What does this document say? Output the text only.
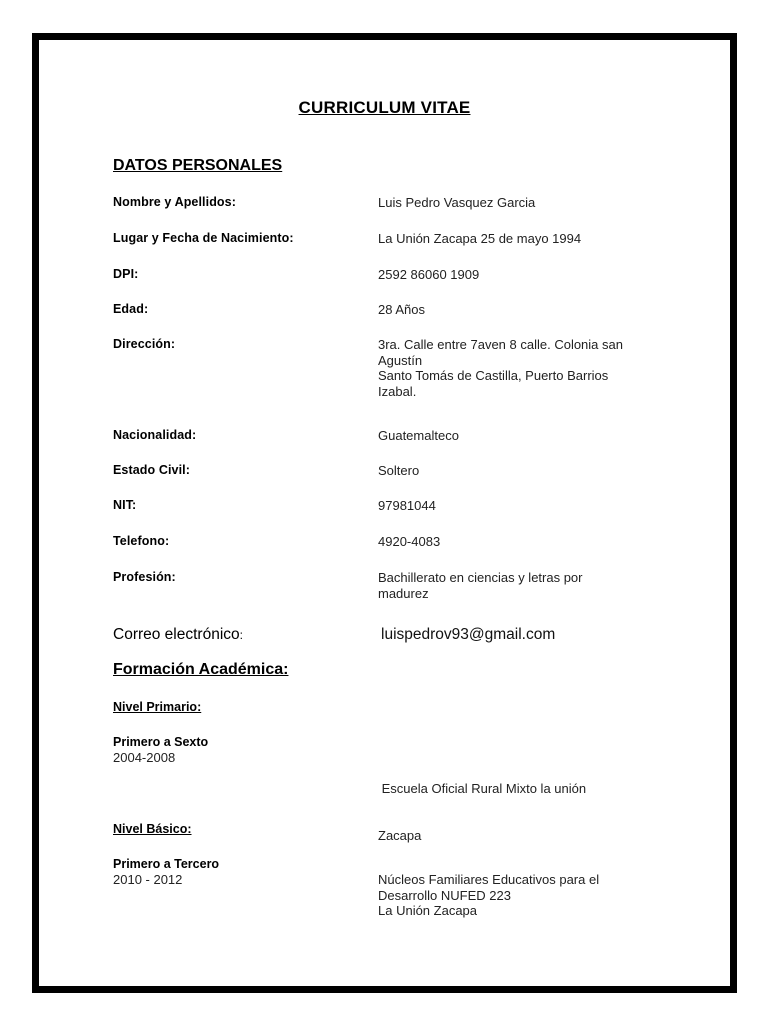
CURRICULUM VITAE
DATOS PERSONALES
Nombre y Apellidos:	Luis Pedro Vasquez Garcia
Lugar y Fecha de Nacimiento:	La Unión Zacapa 25 de mayo 1994
DPI:	2592 86060 1909
Edad:	28 Años
Dirección:	3ra. Calle entre 7aven 8 calle. Colonia san
Agustín
Santo Tomás de Castilla, Puerto Barrios
Izabal.
Nacionalidad:	Guatemalteco
Estado Civil:	Soltero
NIT:	97981044
Telefono:	4920-4083
Profesión:	Bachillerato en ciencias y letras por
madurez
Correo electrónico:	luispedrov93@gmail.com
Formación Académica:
Nivel Primario:
Primero a Sexto
2004-2008

Escuela Oficial Rural Mixto la unión

Zacapa

Nivel Básico:
Primero a Tercero
2010 - 2012	Núcleos Familiares Educativos para el
Desarrollo NUFED 223
La Unión Zacapa
